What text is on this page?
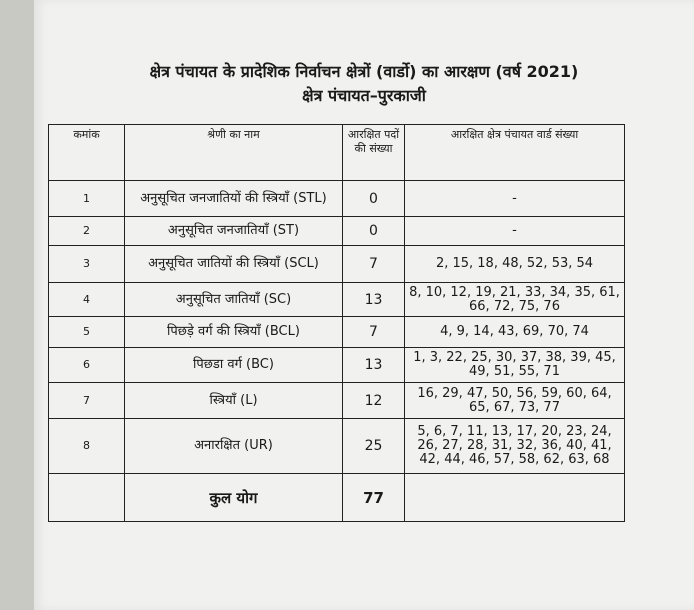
क्षेत्र पंचायत के प्रादेशिक निर्वाचन क्षेत्रों (वार्डो) का आरक्षण (वर्ष 2021)
क्षेत्र पंचायत–पुरकाजी
कमांक	श्रेणी का नाम	आरक्षित पदों की संख्या	आरक्षित क्षेत्र पंचायत वार्ड संख्या
1	अनुसूचित जनजातियों की स्त्रियाँ (STL)	0	-
2	अनुसूचित जनजातियाँ (ST)	0	-
3	अनुसूचित जातियों की स्त्रियाँ (SCL)	7	2, 15, 18, 48, 52, 53, 54
4	अनुसूचित जातियाँ (SC)	13	8, 10, 12, 19, 21, 33, 34, 35, 61, 66, 72, 75, 76
5	पिछड़े वर्ग की स्त्रियाँ (BCL)	7	4, 9, 14, 43, 69, 70, 74
6	पिछडा वर्ग (BC)	13	1, 3, 22, 25, 30, 37, 38, 39, 45, 49, 51, 55, 71
7	स्त्रियाँ (L)	12	16, 29, 47, 50, 56, 59, 60, 64, 65, 67, 73, 77
8	अनारक्षित (UR)	25	5, 6, 7, 11, 13, 17, 20, 23, 24, 26, 27, 28, 31, 32, 36, 40, 41, 42, 44, 46, 57, 58, 62, 63, 68
	कुल योग	77	
